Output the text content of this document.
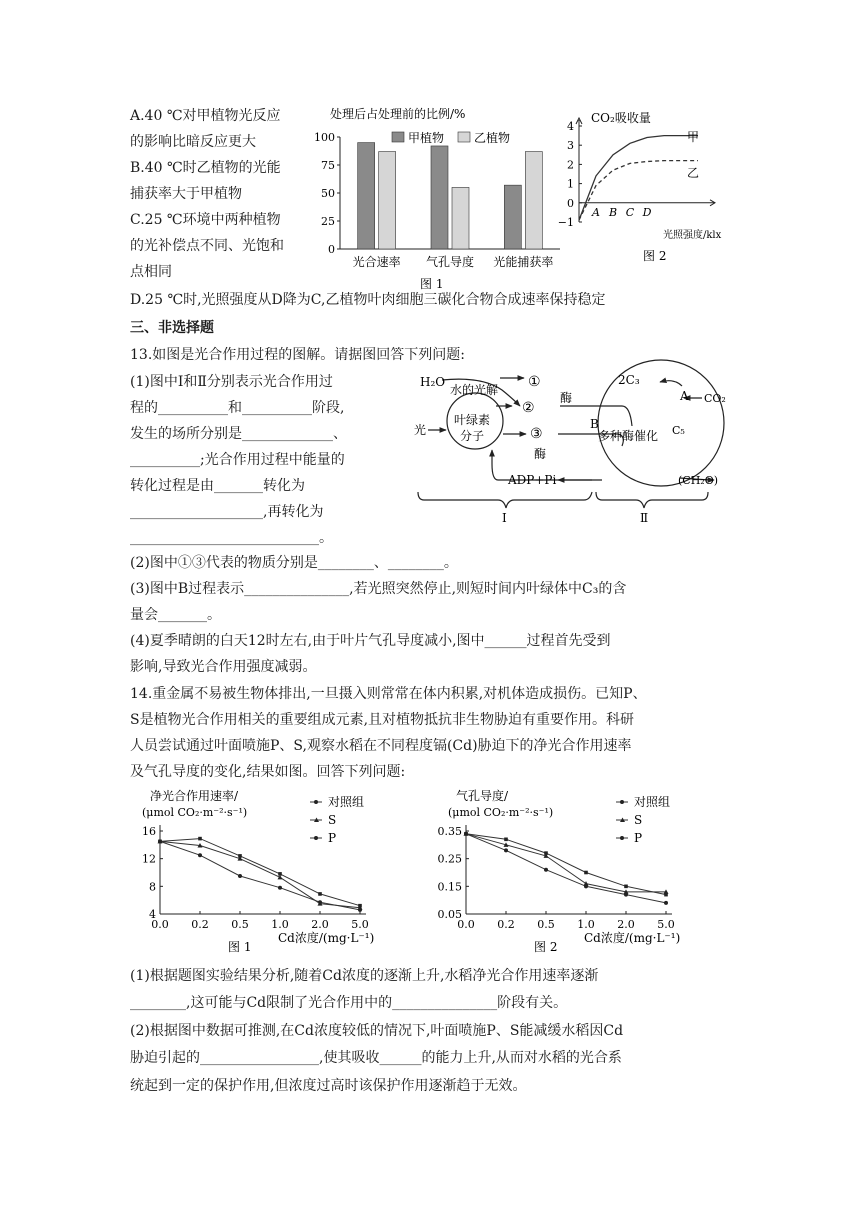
A.40 ℃对甲植物光反应
的影响比暗反应更大
B.40 ℃时乙植物的光能
捕获率大于甲植物
C.25 ℃环境中两种植物
的光补偿点不同、光饱和
点相同
D.25 ℃时,光照强度从D降为C,乙植物叶肉细胞三碳化合物合成速率保持稳定
处理后占处理前的比例/%
甲植物 乙植物
0
25
50
75
100
光合速率 气孔导度 光能捕获率
图 1
CO₂吸收量
4
3
2
1
0
−1
A B C D
光照强度/klx
甲
乙
图 2
三、非选择题
13.如图是光合作用过程的图解。请据图回答下列问题:
(1)图中Ⅰ和Ⅱ分别表示光合作用过
程的__________和__________阶段,
发生的场所分别是_____________、
__________;光合作用过程中能量的
转化过程是由_______转化为
___________________,再转化为
___________________________。
(2)图中①③代表的物质分别是________、________。
(3)图中B过程表示_______________,若光照突然停止,则短时间内叶绿体中C₃的含
量会_______。
(4)夏季晴朗的白天12时左右,由于叶片气孔导度减小,图中______过程首先受到
影响,导致光合作用强度减弱。
H₂O
水的光解 ①
②
酶
光
叶绿素
分子	③
酶
ADP+Pi
2C₃
A CO₂
B
多种酶催化 C₅
(CH₂O)
Ⅰ	Ⅱ
14.重金属不易被生物体排出,一旦摄入则常常在体内积累,对机体造成损伤。已知P、
S是植物光合作用相关的重要组成元素,且对植物抵抗非生物胁迫有重要作用。科研
人员尝试通过叶面喷施P、S,观察水稻在不同程度镉(Cd)胁迫下的净光合作用速率
及气孔导度的变化,结果如图。回答下列问题:
净光合作用速率/
(μmol CO₂·m⁻²·s⁻¹)
4
8
12
16
0.0 0.2 0.5 1.0 2.0 5.0
Cd浓度/(mg·L⁻¹)
图 1
对照组
S
P
气孔导度/
(μmol CO₂·m⁻²·s⁻¹)
0.05
0.15
0.25
0.35
0.0 0.2 0.5 1.0 2.0 5.0
Cd浓度/(mg·L⁻¹)
图 2
对照组
S
P
(1)根据题图实验结果分析,随着Cd浓度的逐渐上升,水稻净光合作用速率逐渐
________,这可能与Cd限制了光合作用中的_______________阶段有关。
(2)根据图中数据可推测,在Cd浓度较低的情况下,叶面喷施P、S能减缓水稻因Cd
胁迫引起的_________________,使其吸收______的能力上升,从而对水稻的光合系
统起到一定的保护作用,但浓度过高时该保护作用逐渐趋于无效。
